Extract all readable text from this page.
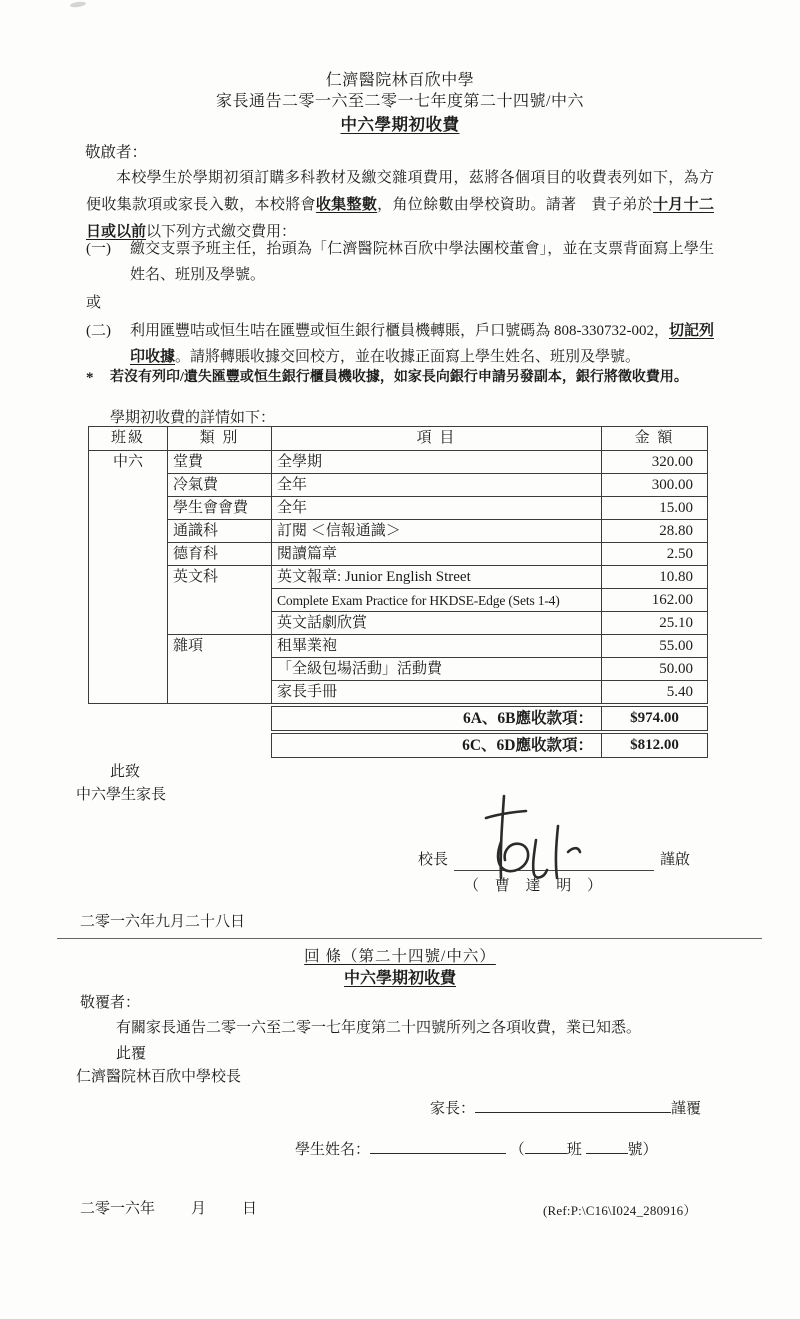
仁濟醫院林百欣中學
家長通告二零一六至二零一七年度第二十四號/中六
中六學期初收費
敬啟者：
本校學生於學期初須訂購多科教材及繳交雜項費用，茲將各個項目的收費表列如下，為方便收集款項或家長入數，本校將會收集整數，角位餘數由學校資助。請著　貴子弟於十月十二日或以前以下列方式繳交費用：
(一)	繳交支票予班主任，抬頭為「仁濟醫院林百欣中學法團校董會」，並在支票背面寫上學生姓名、班別及學號。
或
(二)	利用匯豐咭或恒生咭在匯豐或恒生銀行櫃員機轉賬，戶口號碼為 808-330732-002，切記列印收據。請將轉賬收據交回校方，並在收據正面寫上學生姓名、班別及學號。
*	若沒有列印/遺失匯豐或恒生銀行櫃員機收據，如家長向銀行申請另發副本，銀行將徵收費用。
學期初收費的詳情如下：
班級	類 別	項 目	金 額
中六	堂費	全學期	320.00
	冷氣費	全年	300.00
	學生會會費	全年	15.00
	通識科	訂閱 ＜信報通識＞	28.80
	德育科	閱讀篇章	2.50
	英文科	英文報章: Junior English Street	10.80
		Complete Exam Practice for HKDSE-Edge (Sets 1-4)	162.00
		英文話劇欣賞	25.10
	雜項	租畢業袍	55.00
		「全級包場活動」活動費	50.00
		家長手冊	5.40
6A、6B應收款項：	$974.00
6C、6D應收款項：	$812.00
此致
中六學生家長
校長	謹啟
（ 曹 達 明 ）
二零一六年九月二十八日
回 條（第二十四號/中六）
中六學期初收費
敬覆者：
有關家長通告二零一六至二零一七年度第二十四號所列之各項收費，業已知悉。
此覆
仁濟醫院林百欣中學校長
家長：	謹覆
學生姓名：	（	班	號）
二零一六年 月 日	(Ref:P:\C16\I024_280916）
